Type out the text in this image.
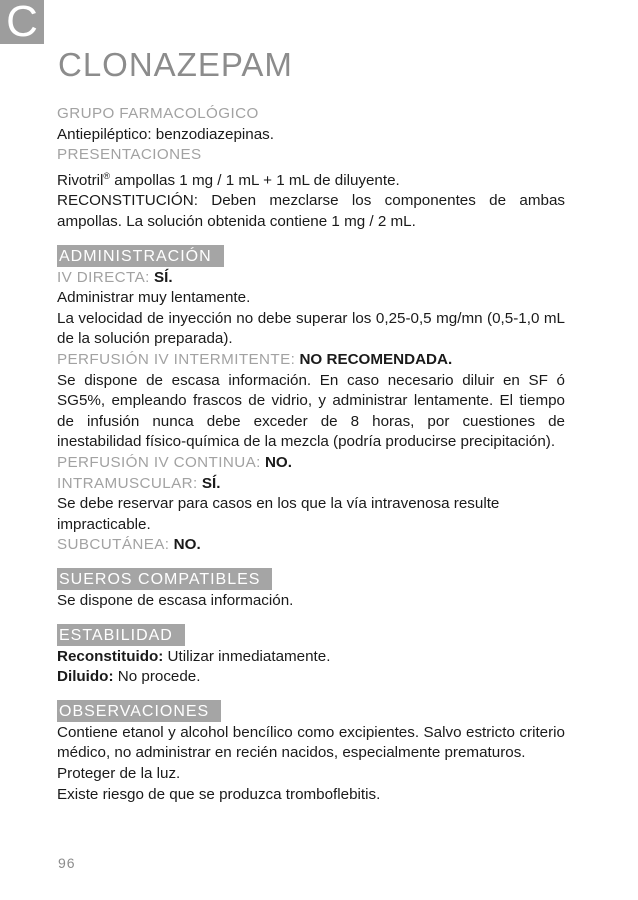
C
CLONAZEPAM

GRUPO FARMACOLÓGICO

Antiepiléptico: benzodiazepinas.

PRESENTACIONES

Rivotril® ampollas 1 mg / 1 mL + 1 mL de diluyente.

RECONSTITUCIÓN: Deben mezclarse los componentes de ambas ampollas. La solución obtenida contiene 1 mg / 2 mL.

ADMINISTRACIÓN

IV DIRECTA: SÍ.

Administrar muy lentamente.

La velocidad de inyección no debe superar los 0,25-0,5 mg/mn (0,5-1,0 mL de la solución preparada).

PERFUSIÓN IV INTERMITENTE: NO RECOMENDADA.

Se dispone de escasa información. En caso necesario diluir en SF ó SG5%, empleando frascos de vidrio, y administrar lentamente. El tiempo de infusión nunca debe exceder de 8 horas, por cuestiones de inestabilidad físico-química de la mezcla (podría producirse precipitación).

PERFUSIÓN IV CONTINUA: NO.

INTRAMUSCULAR: SÍ.

Se debe reservar para casos en los que la vía intravenosa resulte impracticable.

SUBCUTÁNEA: NO.

SUEROS COMPATIBLES

Se dispone de escasa información.

ESTABILIDAD

Reconstituido: Utilizar inmediatamente.

Diluido: No procede.

OBSERVACIONES

Contiene etanol y alcohol bencílico como excipientes. Salvo estricto criterio médico, no administrar en recién nacidos, especialmente prematuros.

Proteger de la luz.

Existe riesgo de que se produzca tromboflebitis.

96
